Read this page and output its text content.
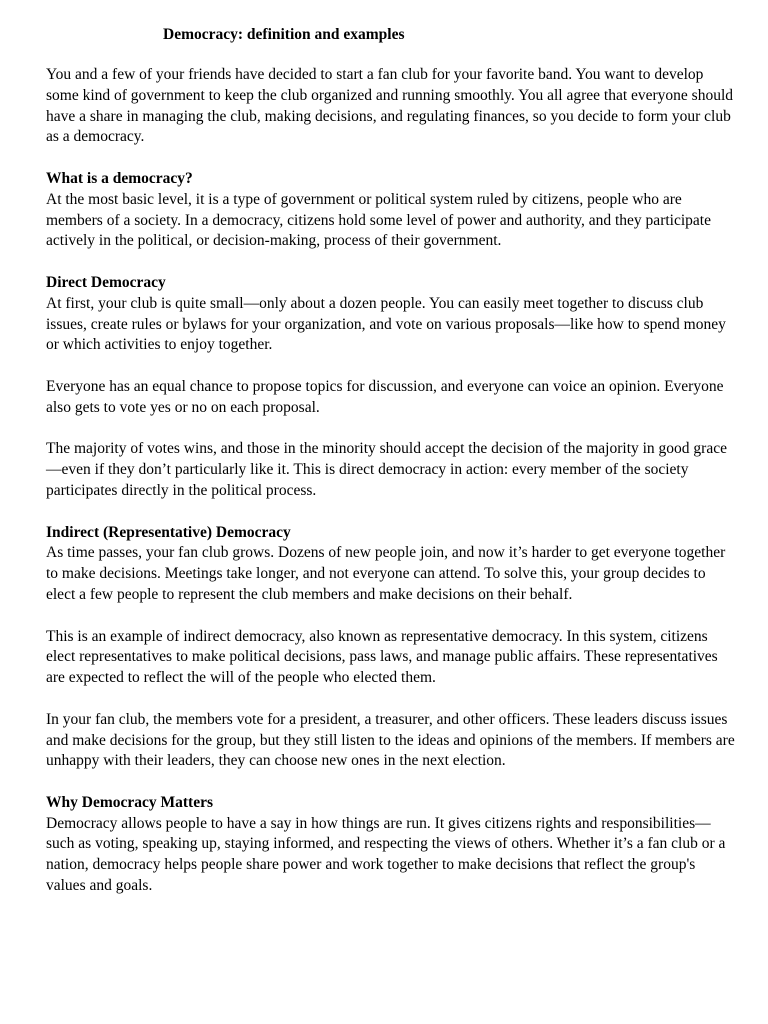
Democracy: definition and examples

You and a few of your friends have decided to start a fan club for your favorite band. You want to develop some kind of government to keep the club organized and running smoothly. You all agree that everyone should have a share in managing the club, making decisions, and regulating finances, so you decide to form your club as a democracy.

What is a democracy?

At the most basic level, it is a type of government or political system ruled by citizens, people who are members of a society. In a democracy, citizens hold some level of power and authority, and they participate actively in the political, or decision-making, process of their government.

Direct Democracy

At first, your club is quite small—only about a dozen people. You can easily meet together to discuss club issues, create rules or bylaws for your organization, and vote on various proposals—like how to spend money or which activities to enjoy together.

Everyone has an equal chance to propose topics for discussion, and everyone can voice an opinion. Everyone also gets to vote yes or no on each proposal.

The majority of votes wins, and those in the minority should accept the decision of the majority in good grace—even if they don’t particularly like it. This is direct democracy in action: every member of the society participates directly in the political process.

Indirect (Representative) Democracy

As time passes, your fan club grows. Dozens of new people join, and now it’s harder to get everyone together to make decisions. Meetings take longer, and not everyone can attend. To solve this, your group decides to elect a few people to represent the club members and make decisions on their behalf.

This is an example of indirect democracy, also known as representative democracy. In this system, citizens elect representatives to make political decisions, pass laws, and manage public affairs. These representatives are expected to reflect the will of the people who elected them.

In your fan club, the members vote for a president, a treasurer, and other officers. These leaders discuss issues and make decisions for the group, but they still listen to the ideas and opinions of the members. If members are unhappy with their leaders, they can choose new ones in the next election.

Why Democracy Matters

Democracy allows people to have a say in how things are run. It gives citizens rights and responsibilities—such as voting, speaking up, staying informed, and respecting the views of others. Whether it’s a fan club or a nation, democracy helps people share power and work together to make decisions that reflect the group's values and goals.
